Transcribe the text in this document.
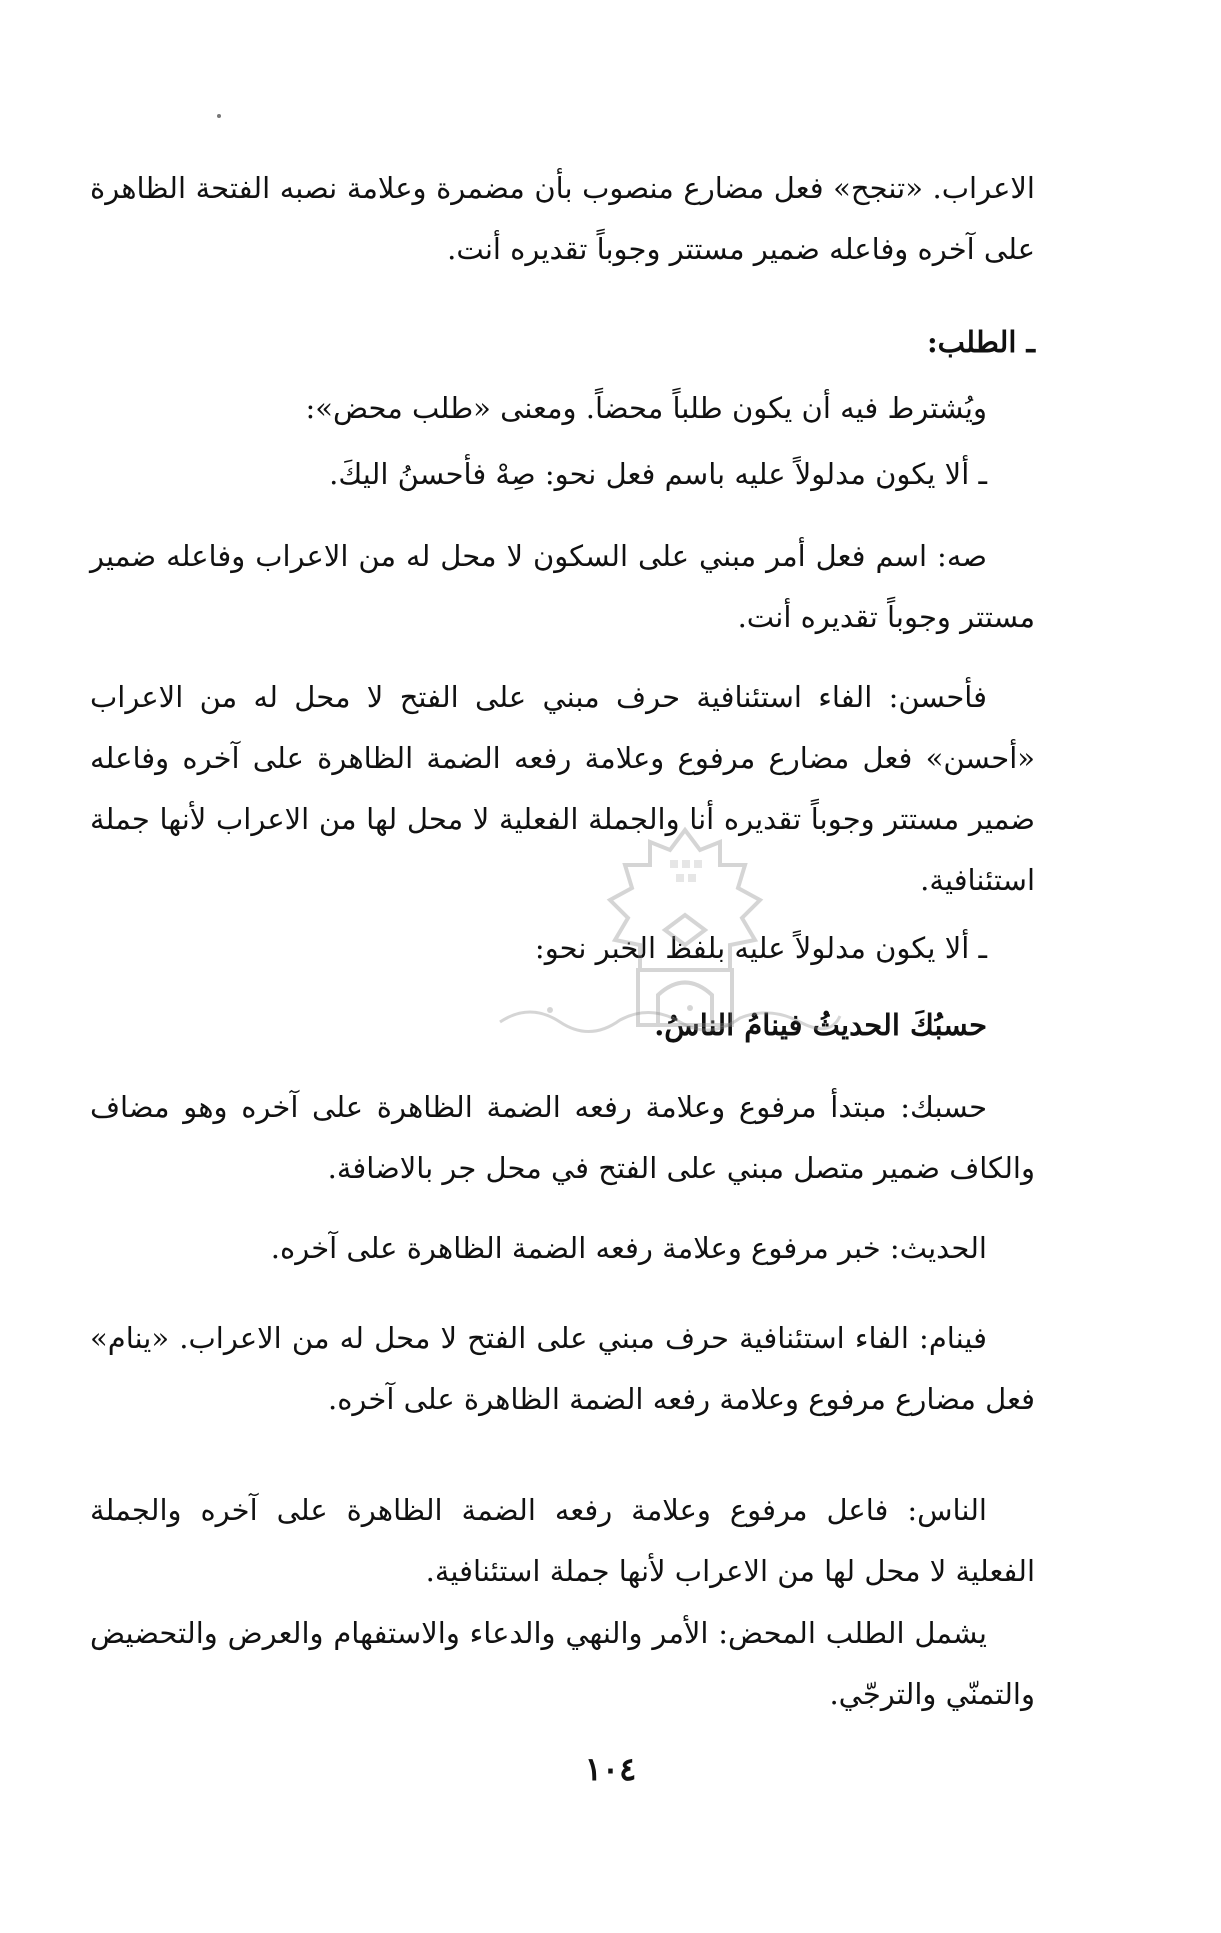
الاعراب. «تنجح» فعل مضارع منصوب بأن مضمرة وعلامة نصبه الفتحة الظاهرة على آخره وفاعله ضمير مستتر وجوباً تقديره أنت.
ـ الطلب:
ويُشترط فيه أن يكون طلباً محضاً. ومعنى «طلب محض»:
ـ ألا يكون مدلولاً عليه باسم فعل نحو: صِهْ فأحسنُ اليكَ.
صه: اسم فعل أمر مبني على السكون لا محل له من الاعراب وفاعله ضمير مستتر وجوباً تقديره أنت.
فأحسن: الفاء استئنافية حرف مبني على الفتح لا محل له من الاعراب «أحسن» فعل مضارع مرفوع وعلامة رفعه الضمة الظاهرة على آخره وفاعله ضمير مستتر وجوباً تقديره أنا والجملة الفعلية لا محل لها من الاعراب لأنها جملة استئنافية.
ـ ألا يكون مدلولاً عليه بلفظ الخبر نحو:
حسبُكَ الحديثُ فينامُ الناسُ.
حسبك: مبتدأ مرفوع وعلامة رفعه الضمة الظاهرة على آخره وهو مضاف والكاف ضمير متصل مبني على الفتح في محل جر بالاضافة.
الحديث: خبر مرفوع وعلامة رفعه الضمة الظاهرة على آخره.
فينام: الفاء استئنافية حرف مبني على الفتح لا محل له من الاعراب. «ينام» فعل مضارع مرفوع وعلامة رفعه الضمة الظاهرة على آخره.
الناس: فاعل مرفوع وعلامة رفعه الضمة الظاهرة على آخره والجملة الفعلية لا محل لها من الاعراب لأنها جملة استئنافية.
يشمل الطلب المحض: الأمر والنهي والدعاء والاستفهام والعرض والتحضيض والتمنّي والترجّي.
١٠٤
